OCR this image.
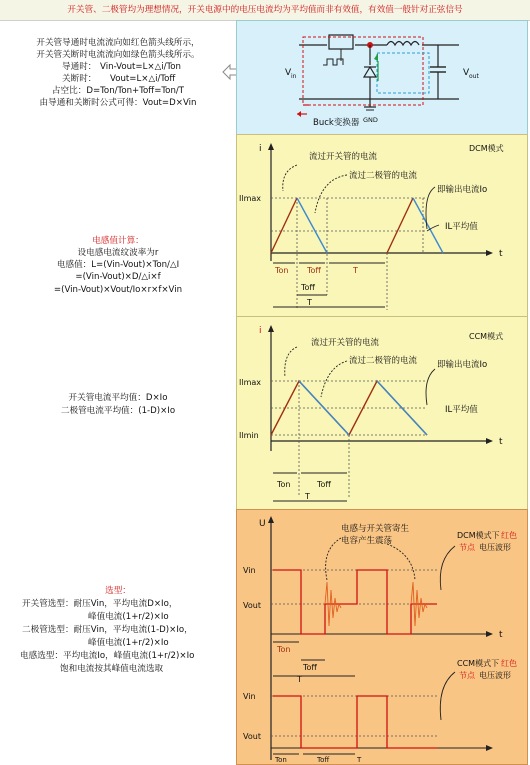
开关管、二极管均为理想情况，开关电源中的电压电流均为平均值而非有效值，有效值一般针对正弦信号
开关管导通时电流流向如红色箭头线所示，
开关管关断时电流流向如绿色箭头线所示。
导通时： Vin-Vout=L×△i/Ton
关断时： Vout=L×△i/Toff
占空比：D=Ton/Ton+Toff=Ton/T
由导通和关断时公式可得：Vout=D×Vin
电感值计算：
设电感电流纹波率为r
电感值：L=(Vin-Vout)×Ton/△I
=(Vin-Vout)×D/△i×f
=(Vin-Vout)×Vout/Io×r×f×Vin
开关管电流平均值：D×Io
二极管电流平均值：(1-D)×Io
选型：
开关管选型：耐压Vin，平均电流D×Io，
峰值电流(1+r/2)×Io
二极管选型：耐压Vin，平均电流(1-D)×Io，
峰值电流(1+r/2)×Io
电感选型：平均电流Io，峰值电流(1+r/2)×Io
饱和电流按其峰值电流选取
V in	V out
Buck变换器 GND
i
t
DCM模式
Ilmax
流过开关管的电流
流过二极管的电流
即输出电流Io
IL平均值
Ton Toff	T
Toff
T
i
t
CCM模式
Ilmax
Ilmin
流过开关管的电流
流过二极管的电流 即输出电流Io
IL平均值
Ton	Toff
T
U
t
Vin
Vout
电感与开关管寄生
电容产生震荡
DCM模式下 红色
节点 电压波形
Ton
Toff
T
Vin
Vout
CCM模式下 红色
节点 电压波形
Ton	Toff	T
